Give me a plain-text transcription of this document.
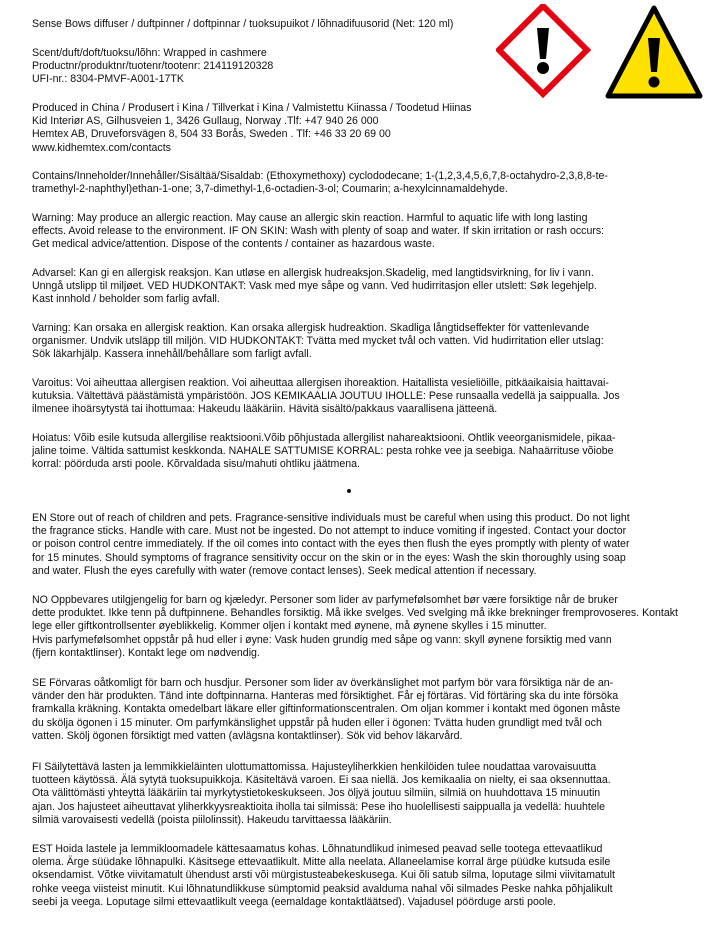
Sense Bows diffuser / duftpinner / doftpinnar / tuoksupuikot / lõhnadifuusorid (Net: 120 ml)

Scent/duft/doft/tuoksu/lõhn: Wrapped in cashmere
Productnr/produktnr/tuotenr/tootenr: 214119120328
UFI-nr.: 8304-PMVF-A001-17TK

Produced in China / Produsert i Kina / Tillverkat i Kina / Valmistettu Kiinassa / Toodetud Hiinas
Kid Interiør AS, Gilhusveien 1, 3426 Gullaug, Norway .Tlf: +47 940 26 000
Hemtex AB, Druveforsvägen 8, 504 33 Borås, Sweden . Tlf: +46 33 20 69 00
www.kidhemtex.com/contacts

Contains/Inneholder/Innehåller/Sisältää/Sisaldab: (Ethoxymethoxy) cyclododecane; 1-(1,2,3,4,5,6,7,8-octahydro-2,3,8,8-te-
tramethyl-2-naphthyl)ethan-1-one; 3,7-dimethyl-1,6-octadien-3-ol; Coumarin; a-hexylcinnamaldehyde.

Warning: May produce an allergic reaction. May cause an allergic skin reaction. Harmful to aquatic life with long lasting
effects. Avoid release to the environment. IF ON SKIN: Wash with plenty of soap and water. If skin irritation or rash occurs:
Get medical advice/attention. Dispose of the contents / container as hazardous waste.

Advarsel: Kan gi en allergisk reaksjon. Kan utløse en allergisk hudreaksjon.Skadelig, med langtidsvirkning, for liv i vann.
Unngå utslipp til miljøet. VED HUDKONTAKT: Vask med mye såpe og vann. Ved hudirritasjon eller utslett: Søk legehjelp.
Kast innhold / beholder som farlig avfall.

Varning: Kan orsaka en allergisk reaktion. Kan orsaka allergisk hudreaktion. Skadliga långtidseffekter för vattenlevande
organismer. Undvik utsläpp till miljön. VID HUDKONTAKT: Tvätta med mycket tvål och vatten. Vid hudirritation eller utslag:
Sök läkarhjälp. Kassera innehåll/behållare som farligt avfall.

Varoitus: Voi aiheuttaa allergisen reaktion. Voi aiheuttaa allergisen ihoreaktion. Haitallista vesieliöille, pitkäaikaisia haittavai-
kutuksia. Vältettävä päästämistä ympäristöön. JOS KEMIKAALIA JOUTUU IHOLLE: Pese runsaalla vedellä ja saippualla. Jos
ilmenee ihoärsytystä tai ihottumaa: Hakeudu lääkäriin. Hävitä sisältö/pakkaus vaarallisena jätteenä.

Hoiatus: Võib esile kutsuda allergilise reaktsiooni.Võib põhjustada allergilist nahareaktsiooni. Ohtlik veeorganismidele, pikaa-
jaline toime. Vältida sattumist keskkonda. NAHALE SATTUMISE KORRAL: pesta rohke vee ja seebiga. Nahaärrituse võiobe
korral: pöörduda arsti poole. Kõrvaldada sisu/mahuti ohtliku jäätmena.

EN Store out of reach of children and pets. Fragrance-sensitive individuals must be careful when using this product. Do not light
the fragrance sticks. Handle with care. Must not be ingested. Do not attempt to induce vomiting if ingested. Contact your doctor
or poison control centre immediately. If the oil comes into contact with the eyes then flush the eyes promptly with plenty of water
for 15 minutes. Should symptoms of fragrance sensitivity occur on the skin or in the eyes: Wash the skin thoroughly using soap
and water. Flush the eyes carefully with water (remove contact lenses). Seek medical attention if necessary.

NO Oppbevares utilgjengelig for barn og kjæledyr. Personer som lider av parfymefølsomhet bør være forsiktige når de bruker
dette produktet. Ikke tenn på duftpinnene. Behandles forsiktig. Må ikke svelges. Ved svelging må ikke brekninger fremprovoseres. Kontakt lege eller giftkontrollsenter øyeblikkelig. Kommer oljen i kontakt med øynene, må øynene skylles i 15 minutter.
Hvis parfymefølsomhet oppstår på hud eller i øyne: Vask huden grundig med såpe og vann: skyll øynene forsiktig med vann
(fjern kontaktlinser). Kontakt lege om nødvendig.

SE Förvaras oåtkomligt för barn och husdjur. Personer som lider av överkänslighet mot parfym bör vara försiktiga när de an-
vänder den här produkten. Tänd inte doftpinnarna. Hanteras med försiktighet. Får ej förtäras. Vid förtäring ska du inte försöka
framkalla kräkning. Kontakta omedelbart läkare eller giftinformationscentralen. Om oljan kommer i kontakt med ögonen måste
du skölja ögonen i 15 minuter. Om parfymkänslighet uppstår på huden eller i ögonen: Tvätta huden grundligt med tvål och
vatten. Skölj ögonen försiktigt med vatten (avlägsna kontaktlinser). Sök vid behov läkarvård.

FI Säilytettävä lasten ja lemmikkieläinten ulottumattomissa. Hajusteyliherkkien henkilöiden tulee noudattaa varovaisuutta
tuotteen käytössä. Älä sytytä tuoksupuikkoja. Käsiteltävä varoen. Ei saa niellä. Jos kemikaalia on nielty, ei saa oksennuttaa.
Ota välittömästi yhteyttä lääkäriin tai myrkytystietokeskukseen. Jos öljyä joutuu silmiin, silmiä on huuhdottava 15 minuutin
ajan. Jos hajusteet aiheuttavat yliherkkyysreaktioita iholla tai silmissä: Pese iho huolellisesti saippualla ja vedellä: huuhtele
silmiä varovaisesti vedellä (poista piilolinssit). Hakeudu tarvittaessa lääkäriin.

EST Hoida lastele ja lemmikloomadele kättesaamatus kohas. Lõhnatundlikud inimesed peavad selle tootega ettevaatlikud
olema. Ärge süüdake lõhnapulki. Käsitsege ettevaatlikult. Mitte alla neelata. Allaneelamise korral ärge püüdke kutsuda esile
oksendamist. Võtke viivitamatult ühendust arsti või mürgistusteabekeskusega. Kui õli satub silma, loputage silmi viivitamatult
rohke veega viisteist minutit. Kui lõhnatundlikkuse sümptomid peaksid avalduma nahal või silmades Peske nahka põhjalikult
seebi ja veega. Loputage silmi ettevaatlikult veega (eemaldage kontaktläätsed). Vajadusel pöörduge arsti poole.
